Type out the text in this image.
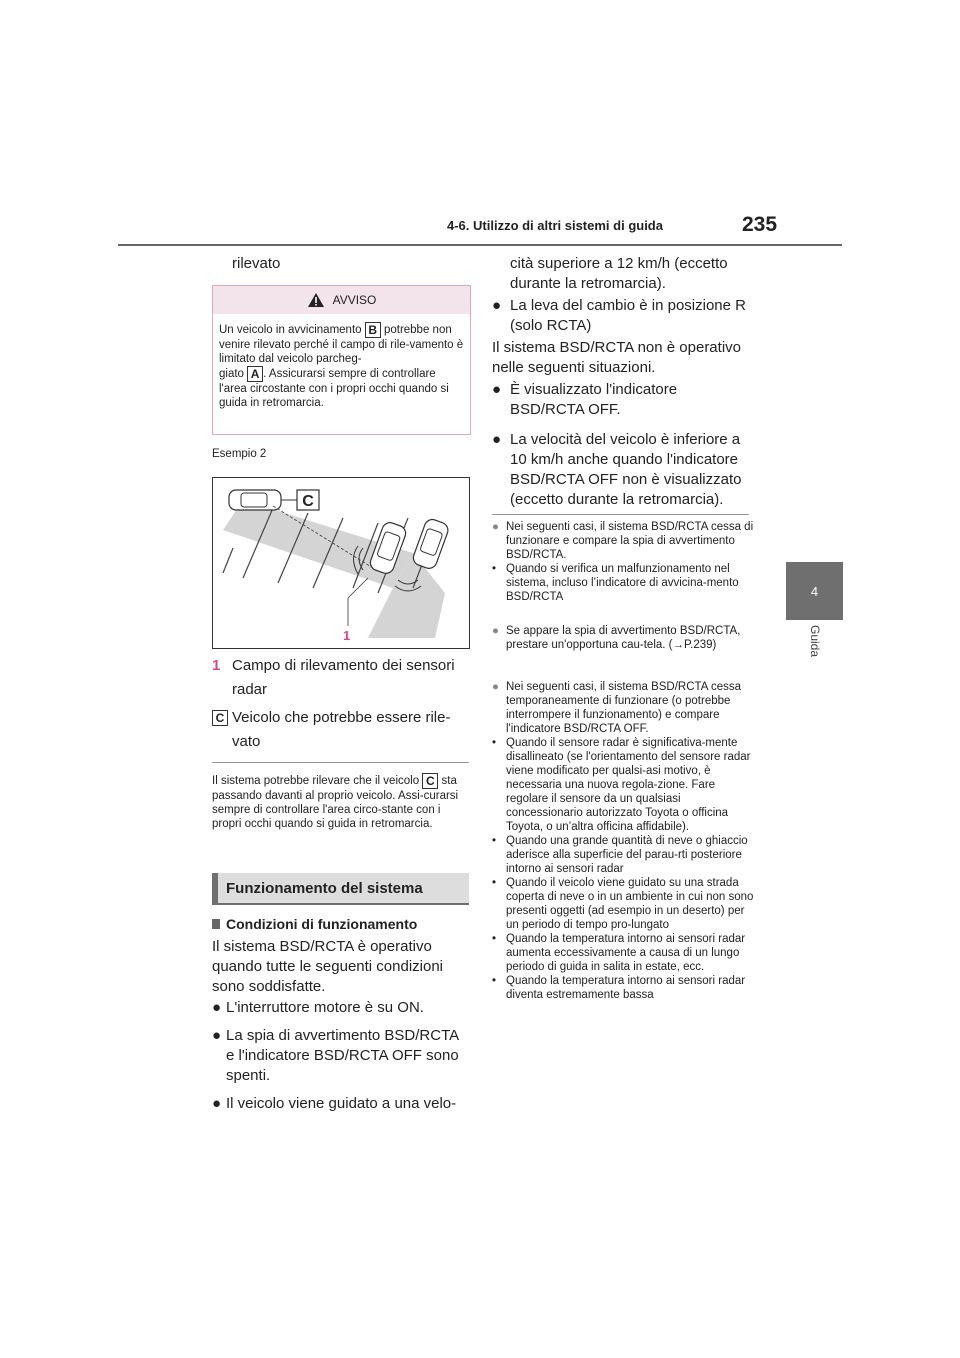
4-6. Utilizzo di altri sistemi di guida	235
4
Guida
rilevato
AVVISO
Un veicolo in avvicinamento B potrebbe non venire rilevato perché il campo di rile-vamento è limitato dal veicolo parcheg-
giato A . Assicurarsi sempre di controllare l'area circostante con i propri occhi quando si guida in retromarcia.
Esempio 2
C
1
1 Campo di rilevamento dei sensori
radar
C Veicolo che potrebbe essere rile-
vato
Il sistema potrebbe rilevare che il veicolo C sta passando davanti al proprio veicolo. Assi-curarsi sempre di controllare l'area circo-stante con i propri occhi quando si guida in retromarcia.
Funzionamento del sistema
Condizioni di funzionamento
Il sistema BSD/RCTA è operativo quando tutte le seguenti condizioni sono soddisfatte.
● L'interruttore motore è su ON.
● La spia di avvertimento BSD/RCTA e l'indicatore BSD/RCTA OFF sono spenti.
● Il veicolo viene guidato a una velo-
cità superiore a 12 km/h (eccetto durante la retromarcia).
● La leva del cambio è in posizione R (solo RCTA)
Il sistema BSD/RCTA non è operativo nelle seguenti situazioni.
● È visualizzato l'indicatore BSD/RCTA OFF.
● La velocità del veicolo è inferiore a 10 km/h anche quando l'indicatore BSD/RCTA OFF non è visualizzato (eccetto durante la retromarcia).
● Nei seguenti casi, il sistema BSD/RCTA cessa di funzionare e compare la spia di avvertimento BSD/RCTA.
• Quando si verifica un malfunzionamento nel sistema, incluso l’indicatore di avvicina-mento BSD/RCTA
● Se appare la spia di avvertimento BSD/RCTA, prestare un'opportuna cau-tela. (→P.239)
● Nei seguenti casi, il sistema BSD/RCTA cessa temporaneamente di funzionare (o potrebbe interrompere il funzionamento) e compare l'indicatore BSD/RCTA OFF.
• Quando il sensore radar è significativa-mente disallineato (se l'orientamento del sensore radar viene modificato per qualsi-asi motivo, è necessaria una nuova regola-zione. Fare regolare il sensore da un qualsiasi concessionario autorizzato Toyota o officina Toyota, o un’altra officina affidabile).
• Quando una grande quantità di neve o ghiaccio aderisce alla superficie del parau-rti posteriore intorno ai sensori radar
• Quando il veicolo viene guidato su una strada coperta di neve o in un ambiente in cui non sono presenti oggetti (ad esempio in un deserto) per un periodo di tempo pro-lungato
• Quando la temperatura intorno ai sensori radar aumenta eccessivamente a causa di un lungo periodo di guida in salita in estate, ecc.
• Quando la temperatura intorno ai sensori radar diventa estremamente bassa
